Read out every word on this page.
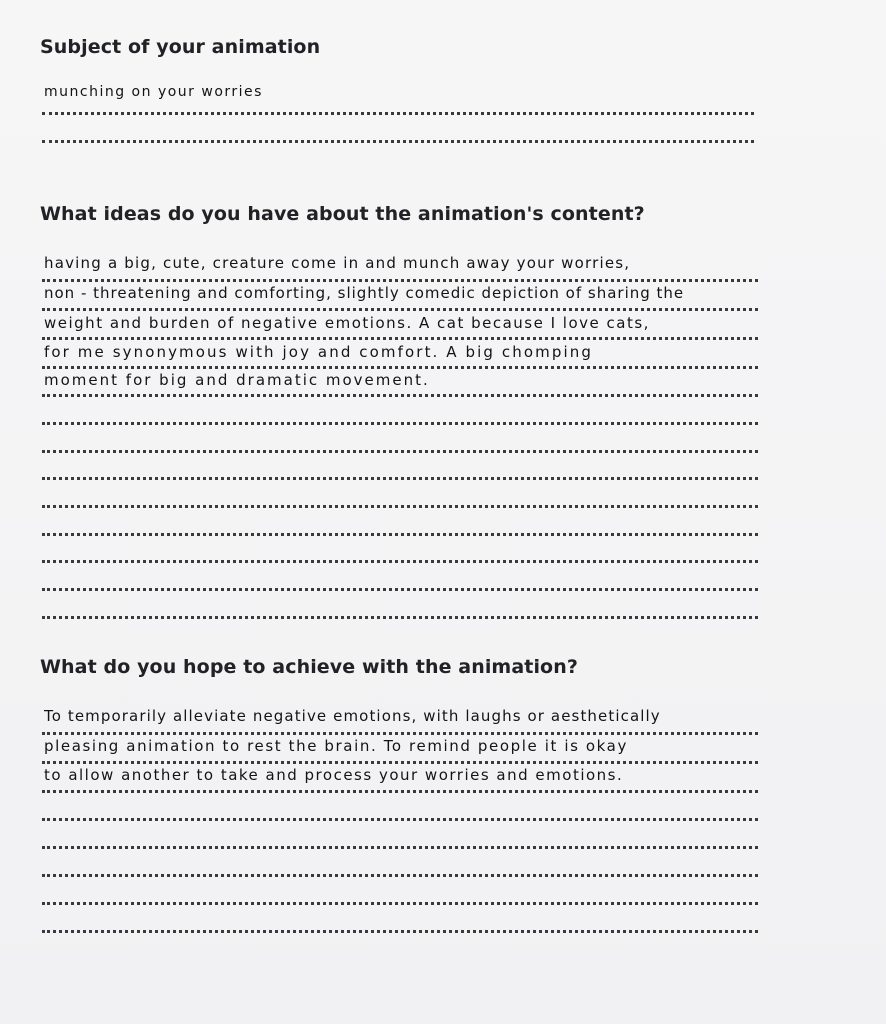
Subject of your animation
munching on your worries
What ideas do you have about the animation's content?
having a big, cute, creature come in and munch away your worries,
non - threatening and comforting, slightly comedic depiction of sharing the
weight and burden of negative emotions. A cat because I love cats,
for me synonymous with joy and comfort. A big chomping
moment for big and dramatic movement.
What do you hope to achieve with the animation?
To temporarily alleviate negative emotions, with laughs or aesthetically
pleasing animation to rest the brain. To remind people it is okay
to allow another to take and process your worries and emotions.
